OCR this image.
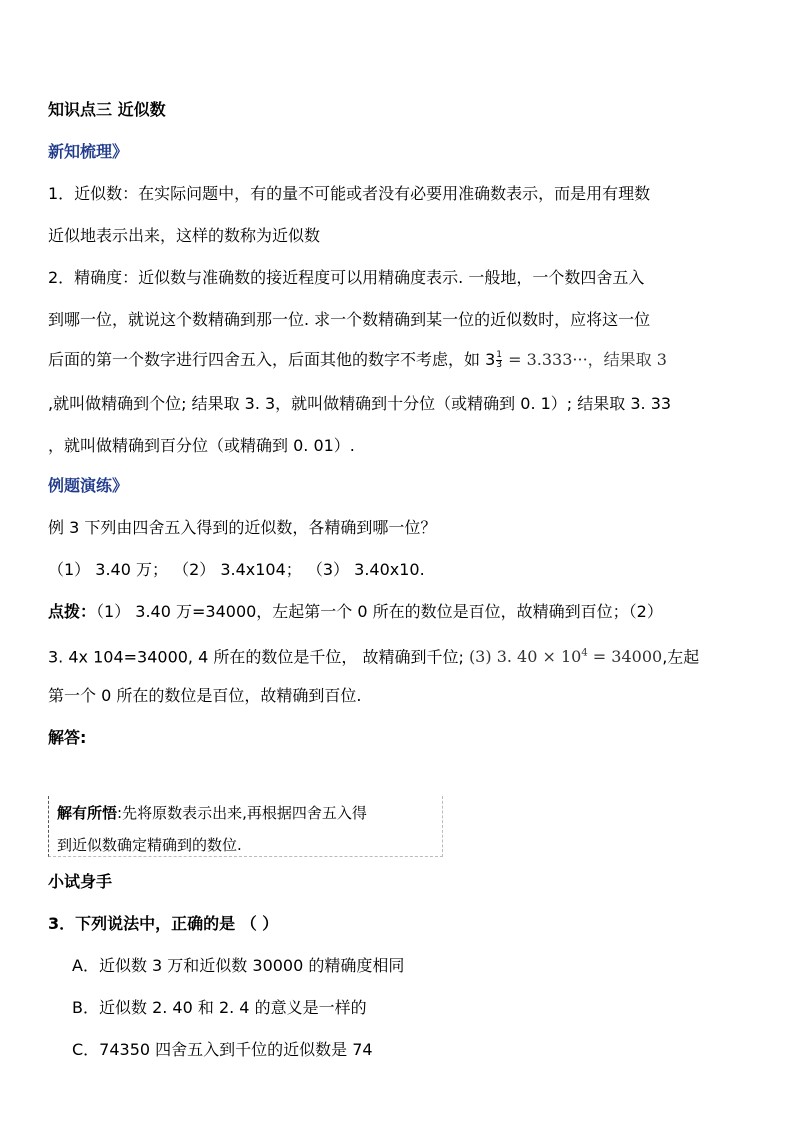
知识点三 近似数
新知梳理》
1．近似数：在实际问题中，有的量不可能或者没有必要用准确数表示，而是用有理数
近似地表示出来，这样的数称为近似数
2．精确度：近似数与准确数的接近程度可以用精确度表示. 一般地，一个数四舍五入
到哪一位，就说这个数精确到那一位. 求一个数精确到某一位的近似数时，应将这一位
后面的第一个数字进行四舍五入，后面其他的数字不考虑，如 $3 \frac{1}{3} = 3.333\cdot\cdot\cdot$，结果取 3
,就叫做精确到个位; 结果取 3. 3，就叫做精确到十分位（或精确到 0. 1）; 结果取 3. 33
，就叫做精确到百分位（或精确到 0. 01）.
例题演练》
例 3 下列由四舍五入得到的近似数，各精确到哪一位？
（1） 3.40 万； （2） 3.4x104； （3） 3.40x10.
点拨：（1） 3.40 万=34000，左起第一个 0 所在的数位是百位，故精确到百位；（2）
3. 4x 104=34000, 4 所在的数位是千位， 故精确到千位; (3) 3. $40 \times 10^4 = 34000$,左起
第一个 0 所在的数位是百位，故精确到百位.
解答:
解有所悟:先将原数表示出来,再根据四舍五入得
到近似数确定精确到的数位.
小试身手
3．下列说法中，正确的是 （ ）
A．近似数 3 万和近似数 30000 的精确度相同
B．近似数 2. 40 和 2. 4 的意义是一样的
C．74350 四舍五入到千位的近似数是 74
